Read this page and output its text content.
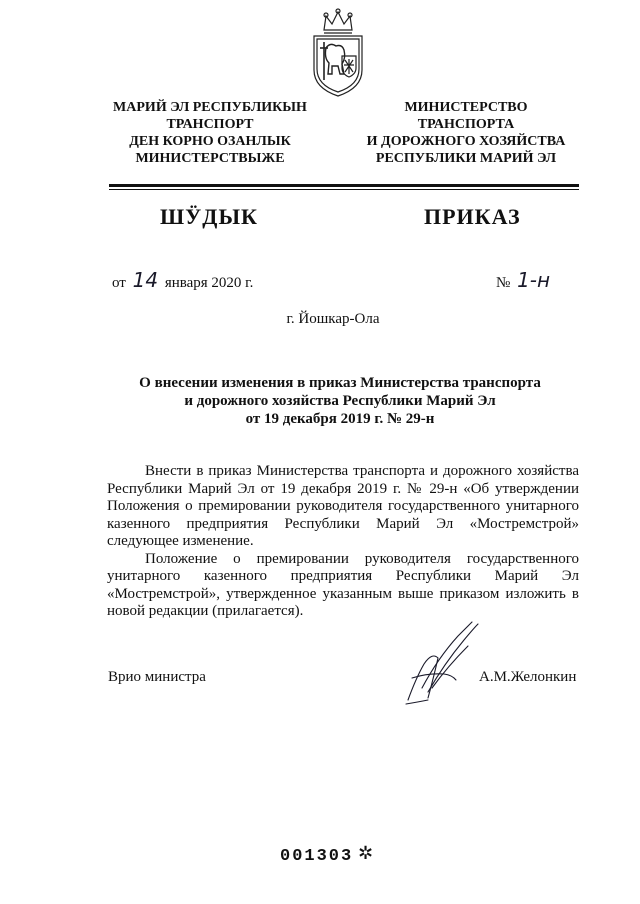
МАРИЙ ЭЛ РЕСПУБЛИКЫН
ТРАНСПОРТ
ДЕН КОРНО ОЗАНЛЫК
МИНИСТЕРСТВЫЖЕ
МИНИСТЕРСТВО
ТРАНСПОРТА
И ДОРОЖНОГО ХОЗЯЙСТВА
РЕСПУБЛИКИ МАРИЙ ЭЛ
ШӰДЫК	ПРИКАЗ
от 14 января 2020 г.	№ 1-н
г. Йошкар-Ола
О внесении изменения в приказ Министерства транспорта
и дорожного хозяйства Республики Марий Эл
от 19 декабря 2019 г. № 29-н

Внести в приказ Министерства транспорта и дорожного хозяйства Республики Марий Эл от 19 декабря 2019 г. № 29-н «Об утверждении Положения о премировании руководителя государственного унитарного казенного предприятия Республики Марий Эл «Мостремстрой» следующее изменение.

Положение о премировании руководителя государственного унитарного казенного предприятия Республики Марий Эл «Мостремстрой», утвержденное указанным выше приказом изложить в новой редакции (прилагается).

Врио министра	А.М.Желонкин
001303 ✲
